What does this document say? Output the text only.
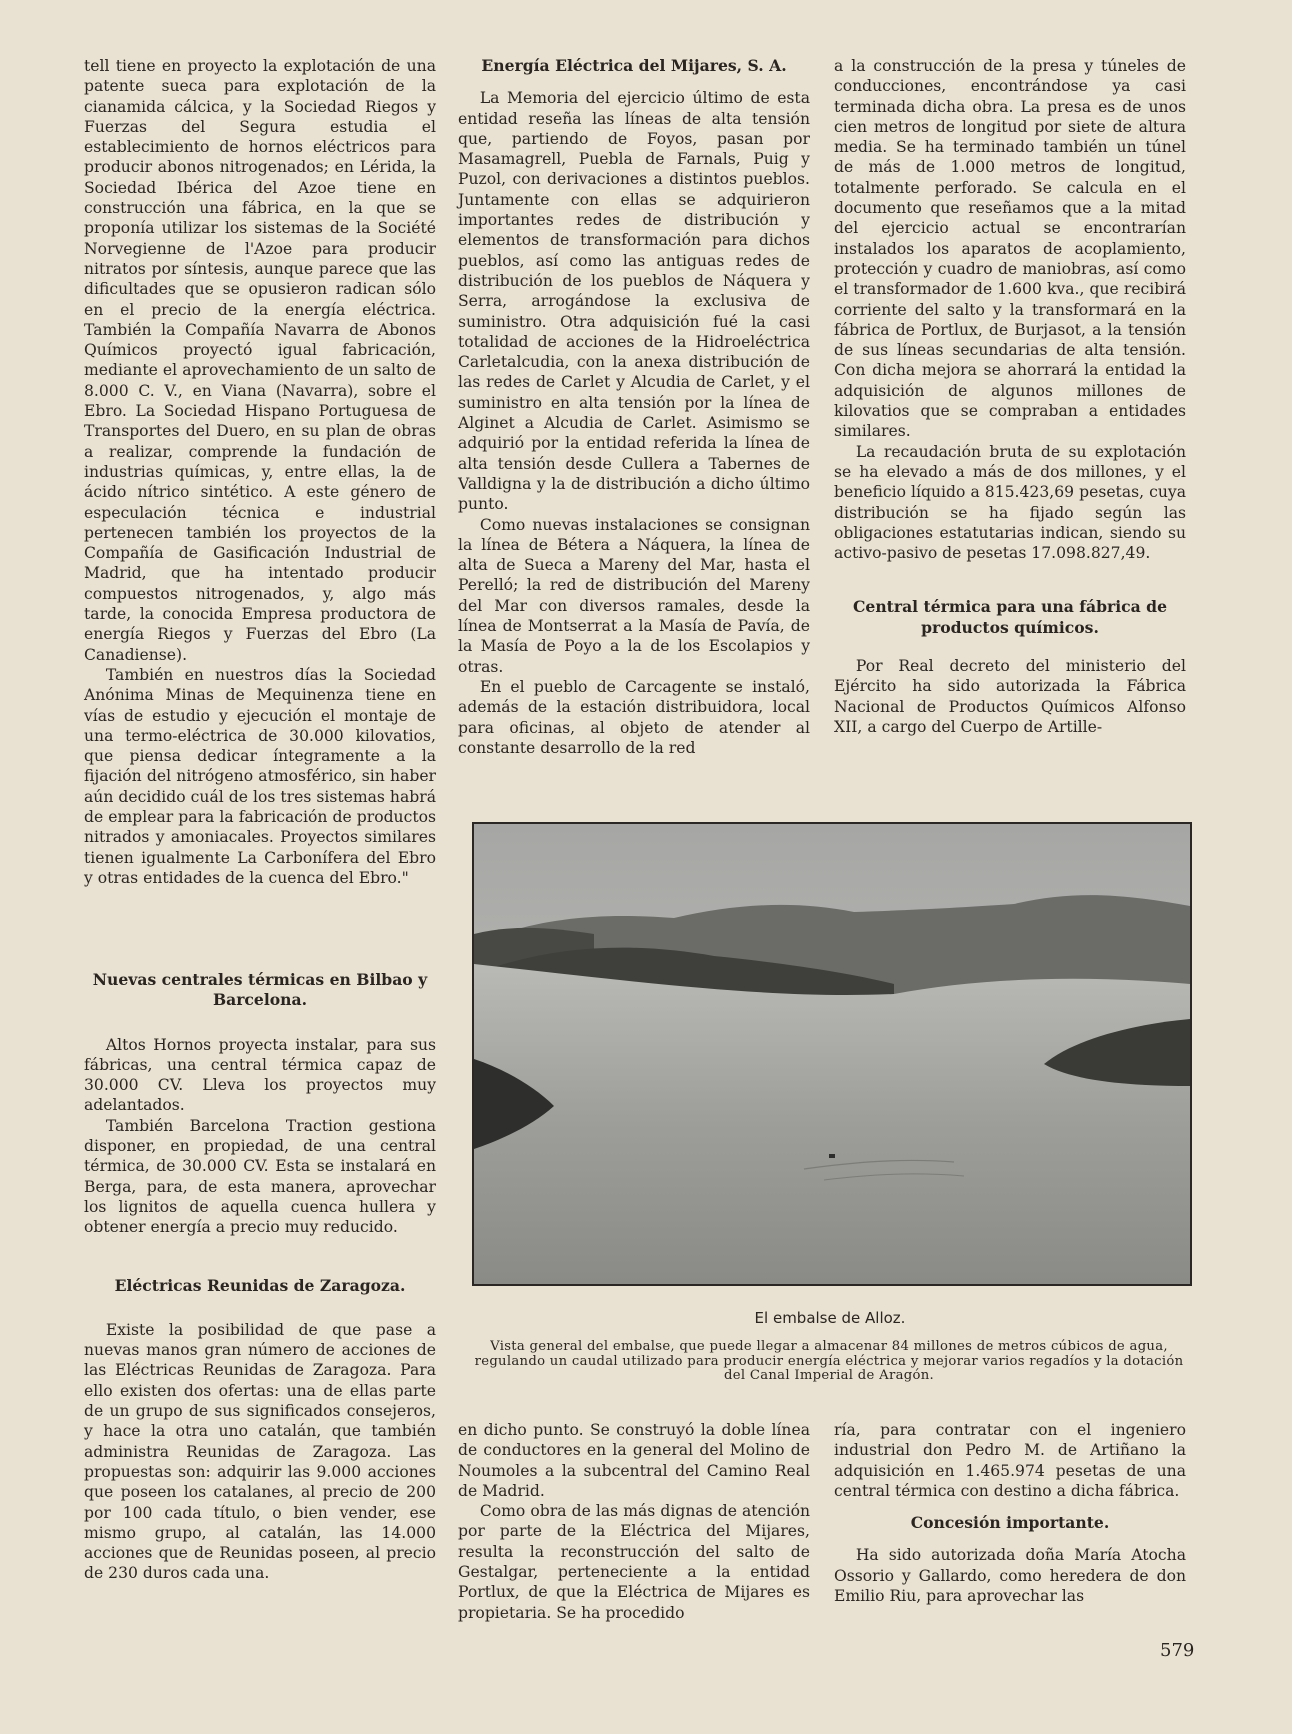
tell tiene en proyecto la explotación de una patente sueca para explotación de la cianamida cálcica, y la Sociedad Riegos y Fuerzas del Segura estudia el establecimiento de hornos eléctricos para producir abonos nitrogenados; en Lérida, la Sociedad Ibérica del Azoe tiene en construcción una fábrica, en la que se proponía utilizar los sistemas de la Société Norvegienne de l'Azoe para producir nitratos por síntesis, aunque parece que las dificultades que se opusieron radican sólo en el precio de la energía eléctrica. También la Compañía Navarra de Abonos Químicos proyectó igual fabricación, mediante el aprovechamiento de un salto de 8.000 C. V., en Viana (Navarra), sobre el Ebro. La Sociedad Hispano Portuguesa de Transportes del Duero, en su plan de obras a realizar, comprende la fundación de industrias químicas, y, entre ellas, la de ácido nítrico sintético. A este género de especulación técnica e industrial pertenecen también los proyectos de la Compañía de Gasificación Industrial de Madrid, que ha intentado producir compuestos nitrogenados, y, algo más tarde, la conocida Empresa productora de energía Riegos y Fuerzas del Ebro (La Canadiense).

También en nuestros días la Sociedad Anónima Minas de Mequinenza tiene en vías de estudio y ejecución el montaje de una termo-eléctrica de 30.000 kilovatios, que piensa dedicar íntegramente a la fijación del nitrógeno atmosférico, sin haber aún decidido cuál de los tres sistemas habrá de emplear para la fabricación de productos nitrados y amoniacales. Proyectos similares tienen igualmente La Carbonífera del Ebro y otras entidades de la cuenca del Ebro."

Nuevas centrales térmicas en Bilbao y Barcelona.

Altos Hornos proyecta instalar, para sus fábricas, una central térmica capaz de 30.000 CV. Lleva los proyectos muy adelantados.

También Barcelona Traction gestiona disponer, en propiedad, de una central térmica, de 30.000 CV. Esta se instalará en Berga, para, de esta manera, aprovechar los lignitos de aquella cuenca hullera y obtener energía a precio muy reducido.

Eléctricas Reunidas de Zaragoza.

Existe la posibilidad de que pase a nuevas manos gran número de acciones de las Eléctricas Reunidas de Zaragoza. Para ello existen dos ofertas: una de ellas parte de un grupo de sus significados consejeros, y hace la otra uno catalán, que también administra Reunidas de Zaragoza. Las propuestas son: adquirir las 9.000 acciones que poseen los catalanes, al precio de 200 por 100 cada título, o bien vender, ese mismo grupo, al catalán, las 14.000 acciones que de Reunidas poseen, al precio de 230 duros cada una.

Energía Eléctrica del Mijares, S. A.

La Memoria del ejercicio último de esta entidad reseña las líneas de alta tensión que, partiendo de Foyos, pasan por Masamagrell, Puebla de Farnals, Puig y Puzol, con derivaciones a distintos pueblos. Juntamente con ellas se adquirieron importantes redes de distribución y elementos de transformación para dichos pueblos, así como las antiguas redes de distribución de los pueblos de Náquera y Serra, arrogándose la exclusiva de suministro. Otra adquisición fué la casi totalidad de acciones de la Hidroeléctrica Carletalcudia, con la anexa distribución de las redes de Carlet y Alcudia de Carlet, y el suministro en alta tensión por la línea de Alginet a Alcudia de Carlet. Asimismo se adquirió por la entidad referida la línea de alta tensión desde Cullera a Tabernes de Valldigna y la de distribución a dicho último punto.

Como nuevas instalaciones se consignan la línea de Bétera a Náquera, la línea de alta de Sueca a Mareny del Mar, hasta el Perelló; la red de distribución del Mareny del Mar con diversos ramales, desde la línea de Montserrat a la Masía de Pavía, de la Masía de Poyo a la de los Escolapios y otras.

En el pueblo de Carcagente se instaló, además de la estación distribuidora, local para oficinas, al objeto de atender al constante desarrollo de la red

a la construcción de la presa y túneles de conducciones, encontrándose ya casi terminada dicha obra. La presa es de unos cien metros de longitud por siete de altura media. Se ha terminado también un túnel de más de 1.000 metros de longitud, totalmente perforado. Se calcula en el documento que reseñamos que a la mitad del ejercicio actual se encontrarían instalados los aparatos de acoplamiento, protección y cuadro de maniobras, así como el transformador de 1.600 kva., que recibirá corriente del salto y la transformará en la fábrica de Portlux, de Burjasot, a la tensión de sus líneas secundarias de alta tensión. Con dicha mejora se ahorrará la entidad la adquisición de algunos millones de kilovatios que se compraban a entidades similares.

La recaudación bruta de su explotación se ha elevado a más de dos millones, y el beneficio líquido a 815.423,69 pesetas, cuya distribución se ha fijado según las obligaciones estatutarias indican, siendo su activo-pasivo de pesetas 17.098.827,49.

Central térmica para una fábrica de productos químicos.

Por Real decreto del ministerio del Ejército ha sido autorizada la Fábrica Nacional de Productos Químicos Alfonso XII, a cargo del Cuerpo de Artille-

El embalse de Alloz.
Vista general del embalse, que puede llegar a almacenar 84 millones de metros cúbicos de agua, regulando un caudal utilizado para producir energía eléctrica y mejorar varios regadíos y la dotación del Canal Imperial de Aragón.

en dicho punto. Se construyó la doble línea de conductores en la general del Molino de Noumoles a la subcentral del Camino Real de Madrid.

Como obra de las más dignas de atención por parte de la Eléctrica del Mijares, resulta la reconstrucción del salto de Gestalgar, perteneciente a la entidad Portlux, de que la Eléctrica de Mijares es propietaria. Se ha procedido

ría, para contratar con el ingeniero industrial don Pedro M. de Artiñano la adquisición en 1.465.974 pesetas de una central térmica con destino a dicha fábrica.

Concesión importante.

Ha sido autorizada doña María Atocha Ossorio y Gallardo, como heredera de don Emilio Riu, para aprovechar las

579
